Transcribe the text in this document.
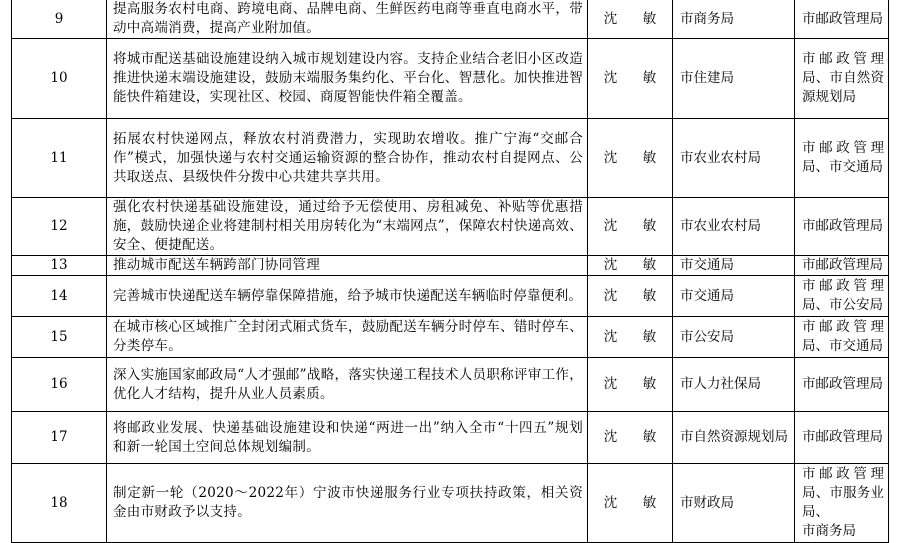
9	提高服务农村电商、跨境电商、品牌电商、生鲜医药电商等垂直电商水平，带动中高端消费，提高产业附加值。	沈　敏	市商务局	市邮政管理局

10	将城市配送基础设施建设纳入城市规划建设内容。支持企业结合老旧小区改造推进快递末端设施建设，鼓励末端服务集约化、平台化、智慧化。加快推进智能快件箱建设，实现社区、校园、商厦智能快件箱全覆盖。	沈　敏	市住建局	市邮政管理局、市自然资源规划局

11	拓展农村快递网点，释放农村消费潜力，实现助农增收。推广宁海“交邮合作”模式，加强快递与农村交通运输资源的整合协作，推动农村自提网点、公共取送点、县级快件分拨中心共建共享共用。	沈　敏	市农业农村局	市邮政管理局、市交通局

12	强化农村快递基础设施建设，通过给予无偿使用、房租减免、补贴等优惠措施，鼓励快递企业将建制村相关用房转化为“末端网点”，保障农村快递高效、安全、便捷配送。	沈　敏	市农业农村局	市邮政管理局

13	推动城市配送车辆跨部门协同管理	沈　敏	市交通局	市邮政管理局

14	完善城市快递配送车辆停靠保障措施，给予城市快递配送车辆临时停靠便利。	沈　敏	市交通局	市邮政管理局、市公安局

15	在城市核心区域推广全封闭式厢式货车，鼓励配送车辆分时停车、错时停车、分类停车。	沈　敏	市公安局	市邮政管理局、市交通局

16	深入实施国家邮政局“人才强邮”战略，落实快递工程技术人员职称评审工作，优化人才结构，提升从业人员素质。	沈　敏	市人力社保局	市邮政管理局

17	将邮政业发展、快递基础设施建设和快递“两进一出”纳入全市“十四五”规划和新一轮国土空间总体规划编制。	沈　敏	市自然资源规划局	市邮政管理局

18	制定新一轮（2020～2022年）宁波市快递服务行业专项扶持政策，相关资金由市财政予以支持。	沈　敏	市财政局	市邮政管理局、市服务业局、
市商务局
